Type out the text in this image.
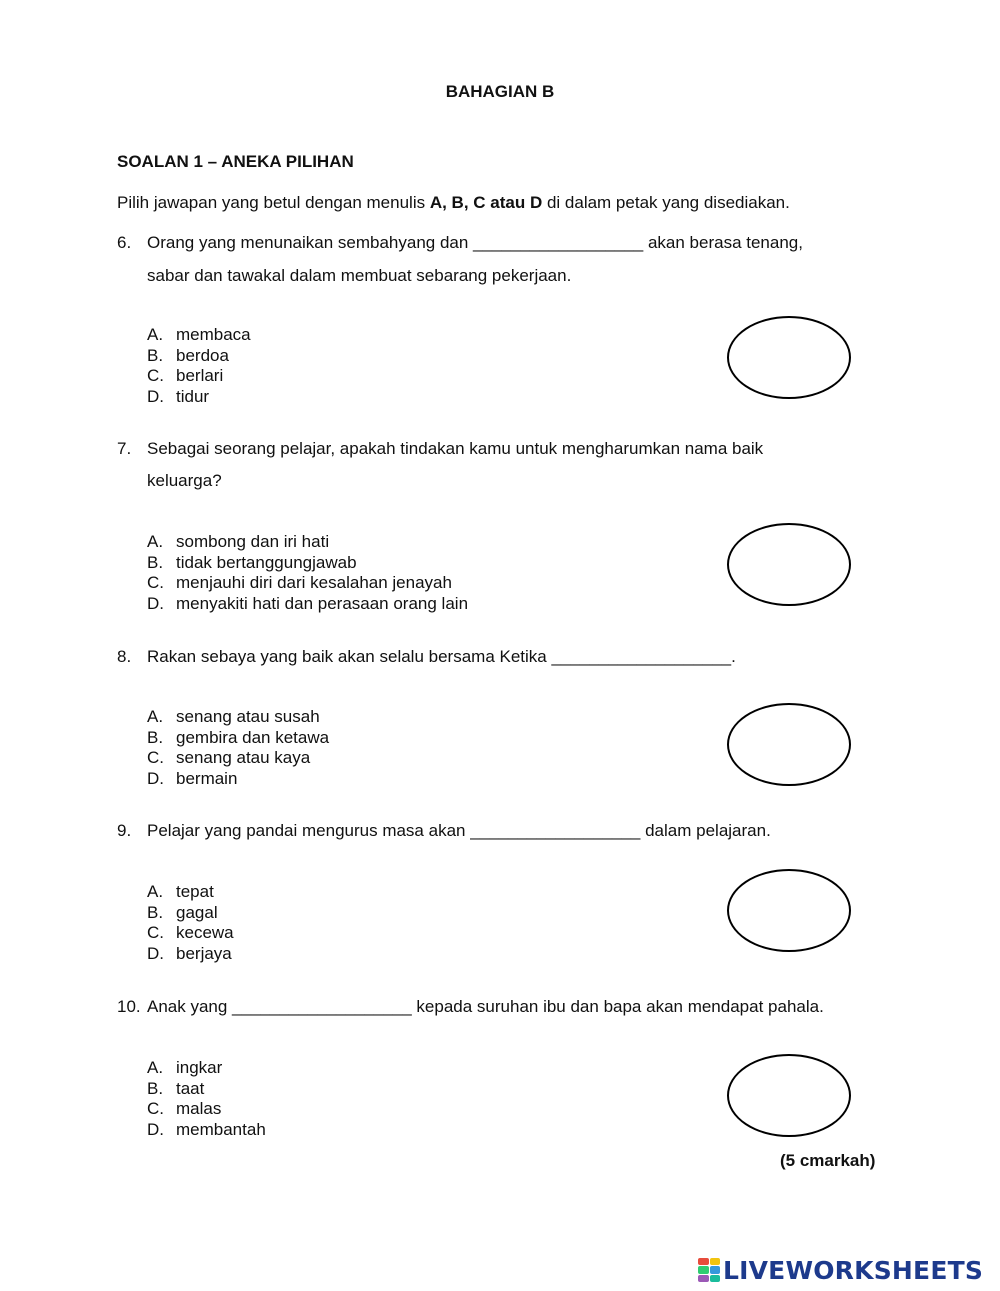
BAHAGIAN B
SOALAN 1 – ANEKA PILIHAN
Pilih jawapan yang betul dengan menulis A, B, C atau D di dalam petak yang disediakan.
6. Orang yang menunaikan sembahyang dan __________________ akan berasa tenang,
sabar dan tawakal dalam membuat sebarang pekerjaan.
A. membaca
B. berdoa
C. berlari
D. tidur
7. Sebagai seorang pelajar, apakah tindakan kamu untuk mengharumkan nama baik
keluarga?
A. sombong dan iri hati
B. tidak bertanggungjawab
C. menjauhi diri dari kesalahan jenayah
D. menyakiti hati dan perasaan orang lain
8. Rakan sebaya yang baik akan selalu bersama Ketika ___________________.
A. senang atau susah
B. gembira dan ketawa
C. senang atau kaya
D. bermain
9. Pelajar yang pandai mengurus masa akan __________________ dalam pelajaran.
A. tepat
B. gagal
C. kecewa
D. berjaya
10. Anak yang ___________________ kepada suruhan ibu dan bapa akan mendapat pahala.
A. ingkar
B. taat
C. malas
D. membantah
(5 cmarkah)
LIVEWORKSHEETS
